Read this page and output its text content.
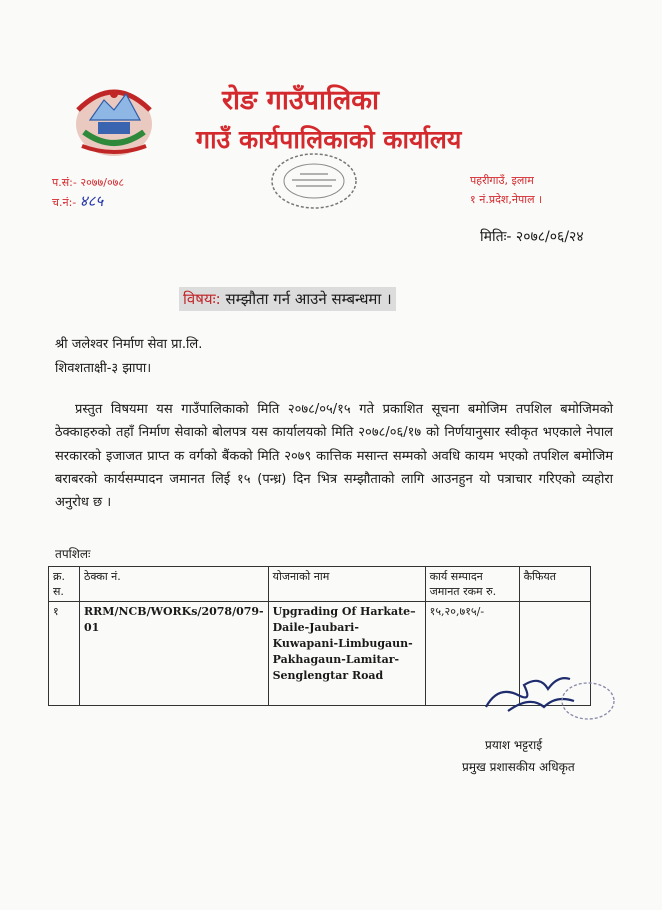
रोङ गाउँपालिका
गाउँ कार्यपालिकाको कार्यालय
प.सं:- २०७७/०७८
च.नं:- ४८५
पहरीगाउँ, इलाम
१ नं.प्रदेश,नेपाल ।
मितिः- २०७८/०६/२४
विषयः: सम्झौता गर्न आउने सम्बन्धमा ।
श्री जलेश्वर निर्माण सेवा प्रा.लि.
शिवशताक्षी-३ झापा।
प्रस्तुत विषयमा यस गाउँपालिकाको मिति २०७८/०५/१५ गते प्रकाशित सूचना बमोजिम तपशिल बमोजिमको ठेक्काहरुको तहाँ निर्माण सेवाको बोलपत्र यस कार्यालयको मिति २०७८/०६/१७ को निर्णयानुसार स्वीकृत भएकाले नेपाल सरकारको इजाजत प्राप्त क वर्गको बैंकको मिति २०७९ कात्तिक मसान्त सम्मको अवधि कायम भएको तपशिल बमोजिम बराबरको कार्यसम्पादन जमानत लिई १५ (पन्ध्र) दिन भित्र सम्झौताको लागि आउनहुन यो पत्राचार गरिएको व्यहोरा अनुरोध छ ।
तपशिलः
क्र. स.	ठेक्का नं.	योजनाको नाम	कार्य सम्पादन जमानत रकम रु.	कैफियत
१	RRM/NCB/WORKs/2078/079-01	Upgrading Of Harkate–Daile-Jaubari-Kuwapani-Limbugaun-Pakhagaun-Lamitar-Senglengtar Road	१५,२०,७१५/-	
प्रयाश भट्टराई
प्रमुख प्रशासकीय अधिकृत
